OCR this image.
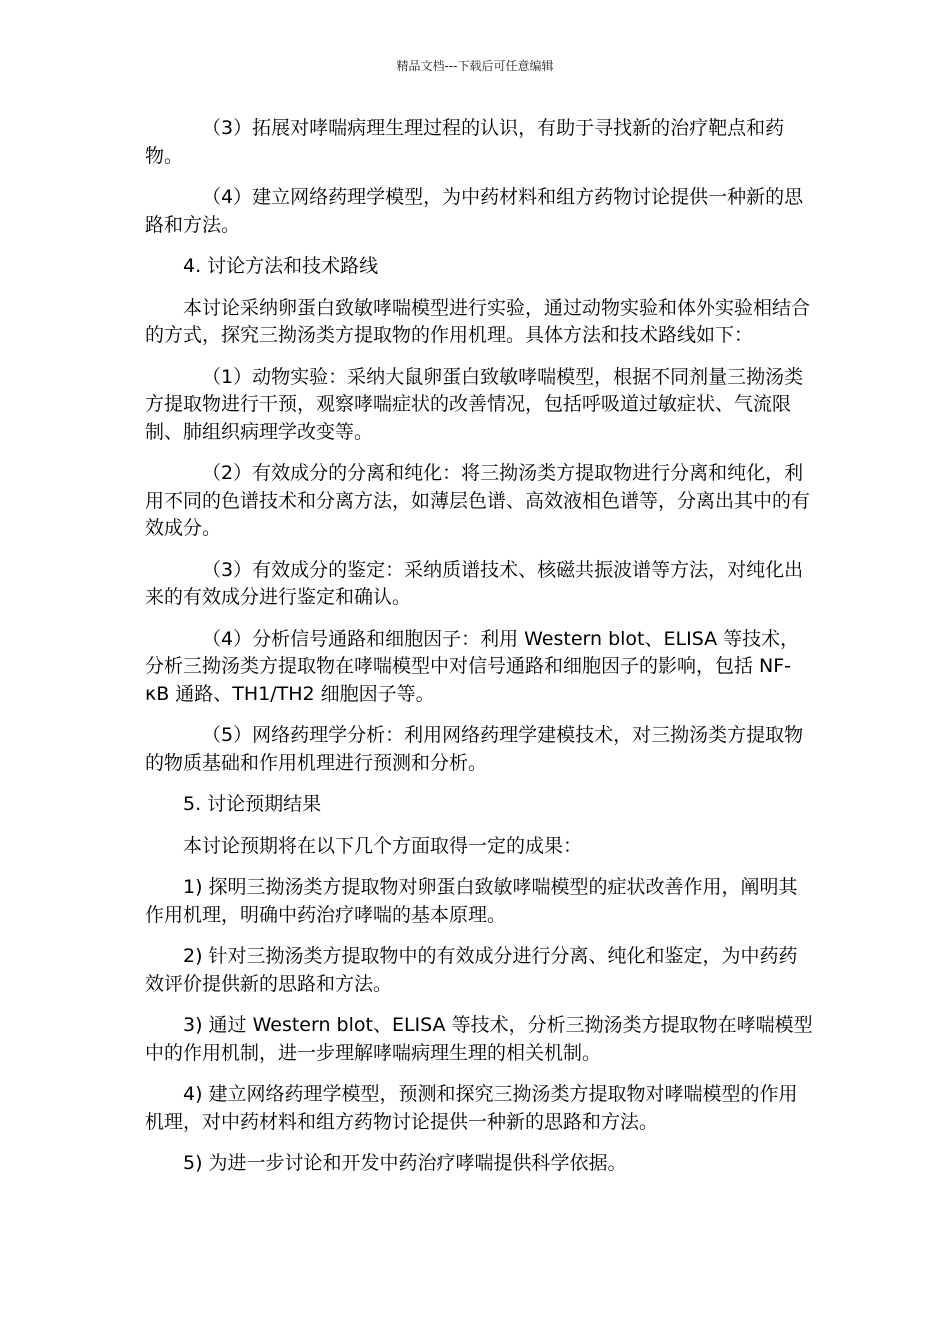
精品文档---下载后可任意编辑

（3）拓展对哮喘病理生理过程的认识，有助于寻找新的治疗靶点和药物。

（4）建立网络药理学模型，为中药材料和组方药物讨论提供一种新的思路和方法。

4. 讨论方法和技术路线

本讨论采纳卵蛋白致敏哮喘模型进行实验，通过动物实验和体外实验相结合的方式，探究三拗汤类方提取物的作用机理。具体方法和技术路线如下：

（1）动物实验：采纳大鼠卵蛋白致敏哮喘模型，根据不同剂量三拗汤类方提取物进行干预，观察哮喘症状的改善情况，包括呼吸道过敏症状、气流限制、肺组织病理学改变等。

（2）有效成分的分离和纯化：将三拗汤类方提取物进行分离和纯化，利用不同的色谱技术和分离方法，如薄层色谱、高效液相色谱等，分离出其中的有效成分。

（3）有效成分的鉴定：采纳质谱技术、核磁共振波谱等方法，对纯化出来的有效成分进行鉴定和确认。

（4）分析信号通路和细胞因子：利用 Western blot、ELISA 等技术，分析三拗汤类方提取物在哮喘模型中对信号通路和细胞因子的影响，包括 NF-κB 通路、TH1/TH2 细胞因子等。

（5）网络药理学分析：利用网络药理学建模技术，对三拗汤类方提取物的物质基础和作用机理进行预测和分析。

5. 讨论预期结果

本讨论预期将在以下几个方面取得一定的成果：

1) 探明三拗汤类方提取物对卵蛋白致敏哮喘模型的症状改善作用，阐明其作用机理，明确中药治疗哮喘的基本原理。

2) 针对三拗汤类方提取物中的有效成分进行分离、纯化和鉴定，为中药药效评价提供新的思路和方法。

3) 通过 Western blot、ELISA 等技术，分析三拗汤类方提取物在哮喘模型中的作用机制，进一步理解哮喘病理生理的相关机制。

4) 建立网络药理学模型，预测和探究三拗汤类方提取物对哮喘模型的作用机理，对中药材料和组方药物讨论提供一种新的思路和方法。

5) 为进一步讨论和开发中药治疗哮喘提供科学依据。
